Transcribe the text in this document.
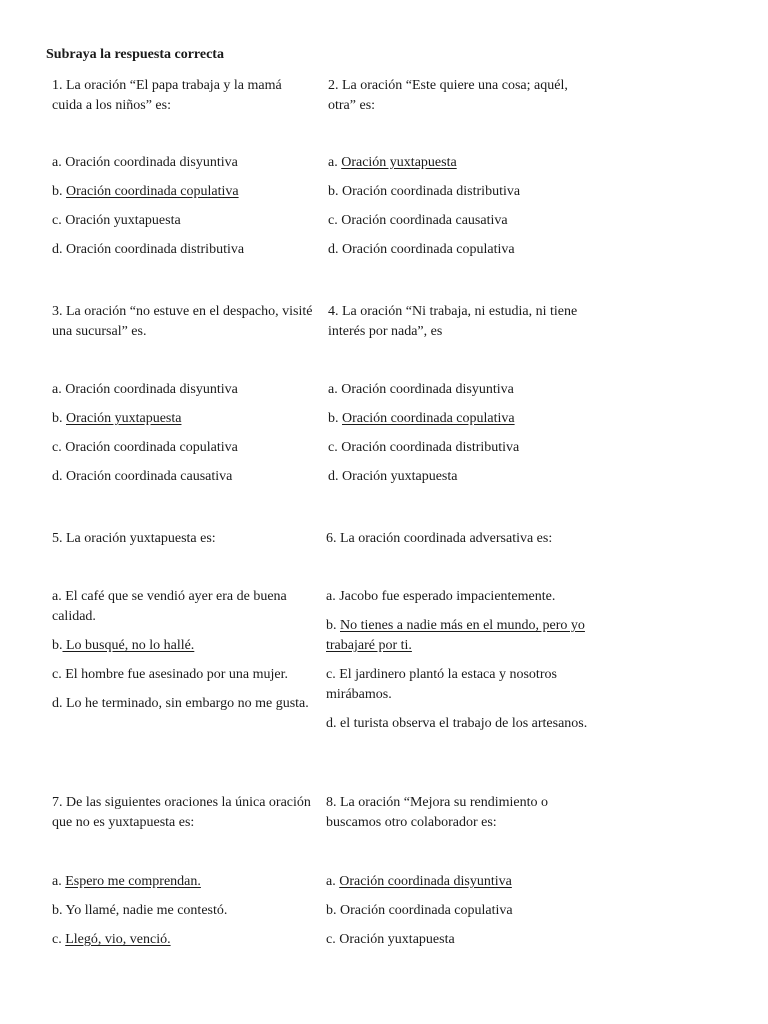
Subraya la respuesta correcta

1. La oración “El papa trabaja y la mamá cuida a los niños” es:

a. Oración coordinada disyuntiva

b. Oración coordinada copulativa

c. Oración yuxtapuesta

d. Oración coordinada distributiva

2. La oración “Este quiere una cosa; aquél, otra” es:

a. Oración yuxtapuesta

b. Oración coordinada distributiva

c. Oración coordinada causativa

d. Oración coordinada copulativa

3. La oración “no estuve en el despacho, visité una sucursal” es.

a. Oración coordinada disyuntiva

b. Oración yuxtapuesta

c. Oración coordinada copulativa

d. Oración coordinada causativa

4. La oración “Ni trabaja, ni estudia, ni tiene interés por nada”, es

a. Oración coordinada disyuntiva

b. Oración coordinada copulativa

c. Oración coordinada distributiva

d. Oración yuxtapuesta

5. La oración yuxtapuesta es:

a. El café que se vendió ayer era de buena calidad.

b. Lo busqué, no lo hallé.

c. El hombre fue asesinado por una mujer.

d. Lo he terminado, sin embargo no me gusta.

6. La oración coordinada adversativa es:

a. Jacobo fue esperado impacientemente.

b. No tienes a nadie más en el mundo, pero yo trabajaré por ti.

c. El jardinero plantó la estaca y nosotros mirábamos.

d. el turista observa el trabajo de los artesanos.

7. De las siguientes oraciones la única oración que no es yuxtapuesta es:

a. Espero me comprendan.

b. Yo llamé, nadie me contestó.

c. Llegó, vio, venció.

8. La oración “Mejora su rendimiento o buscamos otro colaborador es:

a. Oración coordinada disyuntiva

b. Oración coordinada copulativa

c. Oración yuxtapuesta
